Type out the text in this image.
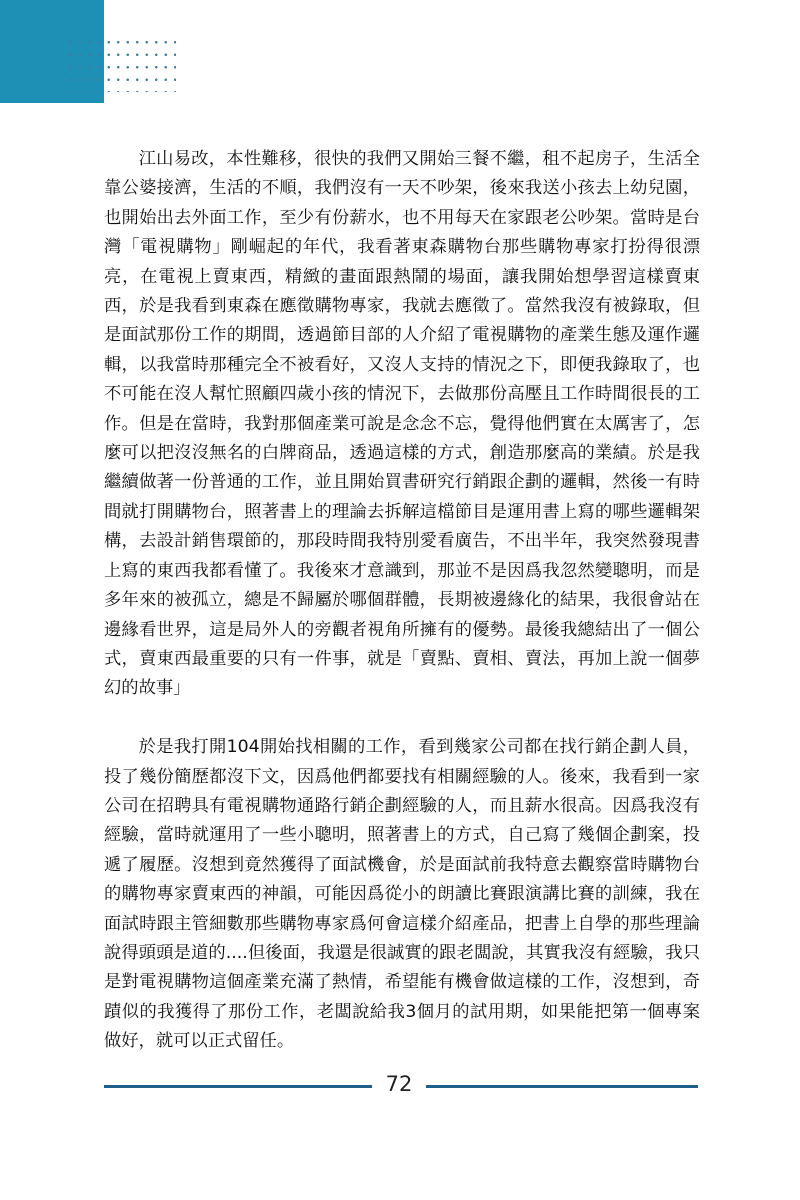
江山易改，本性難移，很快的我們又開始三餐不繼，租不起房子，生活全靠公婆接濟，生活的不順，我們沒有一天不吵架，後來我送小孩去上幼兒園，也開始出去外面工作，至少有份薪水，也不用每天在家跟老公吵架。當時是台灣「電視購物」剛崛起的年代，我看著東森購物台那些購物專家打扮得很漂亮，在電視上賣東西，精緻的畫面跟熱鬧的場面，讓我開始想學習這樣賣東西，於是我看到東森在應徵購物專家，我就去應徵了。當然我沒有被錄取，但是面試那份工作的期間，透過節目部的人介紹了電視購物的產業生態及運作邏輯，以我當時那種完全不被看好，又沒人支持的情況之下，即便我錄取了，也不可能在沒人幫忙照顧四歲小孩的情況下，去做那份高壓且工作時間很長的工作。但是在當時，我對那個產業可說是念念不忘，覺得他們實在太厲害了，怎麼可以把沒沒無名的白牌商品，透過這樣的方式，創造那麼高的業績。於是我繼續做著一份普通的工作，並且開始買書研究行銷跟企劃的邏輯，然後一有時間就打開購物台，照著書上的理論去拆解這檔節目是運用書上寫的哪些邏輯架構，去設計銷售環節的，那段時間我特別愛看廣告，不出半年，我突然發現書上寫的東西我都看懂了。我後來才意識到，那並不是因爲我忽然變聰明，而是多年來的被孤立，總是不歸屬於哪個群體，長期被邊緣化的結果，我很會站在邊緣看世界，這是局外人的旁觀者視角所擁有的優勢。最後我總結出了一個公式，賣東西最重要的只有一件事，就是「賣點、賣相、賣法，再加上說一個夢幻的故事」

於是我打開104開始找相關的工作，看到幾家公司都在找行銷企劃人員，投了幾份簡歷都沒下文，因爲他們都要找有相關經驗的人。後來，我看到一家公司在招聘具有電視購物通路行銷企劃經驗的人，而且薪水很高。因爲我沒有經驗，當時就運用了一些小聰明，照著書上的方式，自己寫了幾個企劃案，投遞了履歷。沒想到竟然獲得了面試機會，於是面試前我特意去觀察當時購物台的購物專家賣東西的神韻，可能因爲從小的朗讀比賽跟演講比賽的訓練，我在面試時跟主管細數那些購物專家爲何會這樣介紹產品，把書上自學的那些理論說得頭頭是道的....但後面，我還是很誠實的跟老闆說，其實我沒有經驗，我只是對電視購物這個產業充滿了熱情，希望能有機會做這樣的工作，沒想到，奇蹟似的我獲得了那份工作，老闆說給我3個月的試用期，如果能把第一個專案做好，就可以正式留任。

72
